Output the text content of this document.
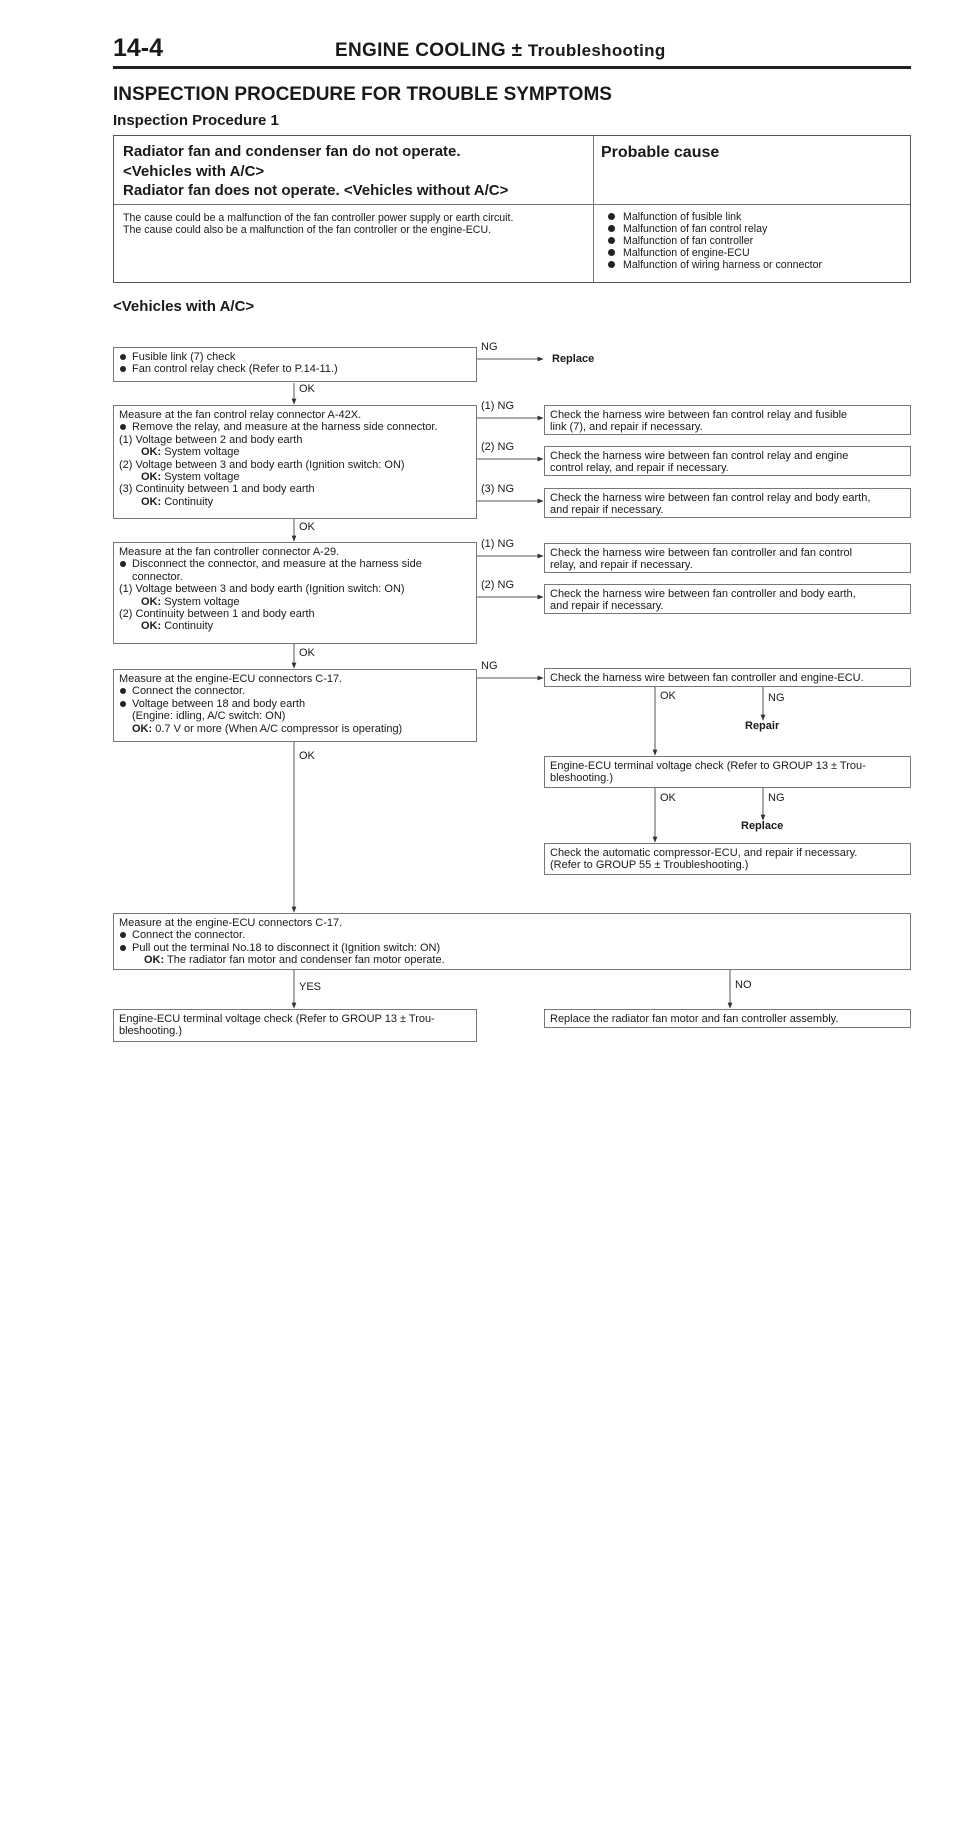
14-4	ENGINE COOLING ± Troubleshooting
INSPECTION PROCEDURE FOR TROUBLE SYMPTOMS
Inspection Procedure 1
Radiator fan and condenser fan do not operate.
<Vehicles with A/C>
Radiator fan does not operate. <Vehicles without A/C>
Probable cause
The cause could be a malfunction of the fan controller power supply or earth circuit.
The cause could also be a malfunction of the fan controller or the engine-ECU.
Malfunction of fusible link
Malfunction of fan control relay
Malfunction of fan controller
Malfunction of engine-ECU
Malfunction of wiring harness or connector
<Vehicles with A/C>
Fusible link (7) check
Fan control relay check (Refer to P.14-11.)
NG
Replace
OK
Measure at the fan control relay connector A-42X.
Remove the relay, and measure at the harness side connector.
(1) Voltage between 2 and body earth
OK: System voltage
(2) Voltage between 3 and body earth (Ignition switch: ON)
OK: System voltage
(3) Continuity between 1 and body earth
OK: Continuity
(1) NG
(2) NG
(3) NG
Check the harness wire between fan control relay and fusible
link (7), and repair if necessary.
Check the harness wire between fan control relay and engine
control relay, and repair if necessary.
Check the harness wire between fan control relay and body earth,
and repair if necessary.
OK
Measure at the fan controller connector A-29.
Disconnect the connector, and measure at the harness side
connector.
(1) Voltage between 3 and body earth (Ignition switch: ON)
OK: System voltage
(2) Continuity between 1 and body earth
OK: Continuity
(1) NG
(2) NG
Check the harness wire between fan controller and fan control
relay, and repair if necessary.
Check the harness wire between fan controller and body earth,
and repair if necessary.
OK
Measure at the engine-ECU connectors C-17.
Connect the connector.
Voltage between 18 and body earth
(Engine: idling, A/C switch: ON)
OK: 0.7 V or more (When A/C compressor is operating)
NG
Check the harness wire between fan controller and engine-ECU.
OK	NG
Repair
Engine-ECU terminal voltage check (Refer to GROUP 13 ± Trou-
bleshooting.)
OK	NG
Replace
Check the automatic compressor-ECU, and repair if necessary.
(Refer to GROUP 55 ± Troubleshooting.)
OK
Measure at the engine-ECU connectors C-17.
Connect the connector.
Pull out the terminal No.18 to disconnect it (Ignition switch: ON)
OK: The radiator fan motor and condenser fan motor operate.
YES	NO
Engine-ECU terminal voltage check (Refer to GROUP 13 ± Trou-
bleshooting.)
Replace the radiator fan motor and fan controller assembly.
